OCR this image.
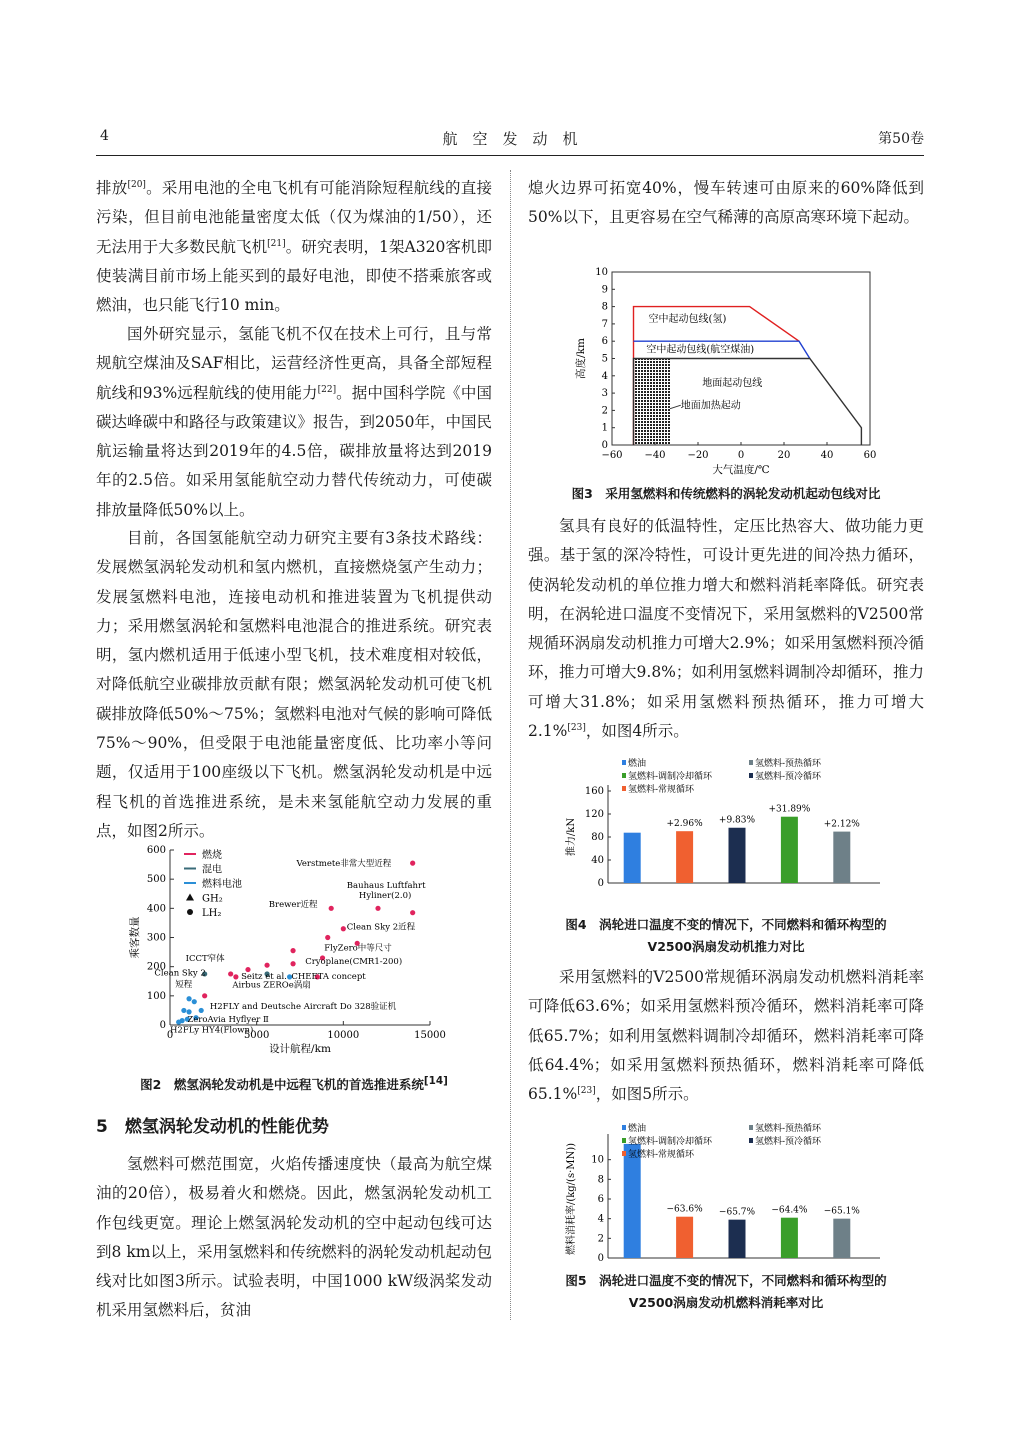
4	航　空　发　动　机	第50卷

排放[20]。采用电池的全电飞机有可能消除短程航线的直接污染，但目前电池能量密度太低（仅为煤油的1/50），还无法用于大多数民航飞机[21]。研究表明，1架A320客机即使装满目前市场上能买到的最好电池，即使不搭乘旅客或燃油，也只能飞行10 min。

国外研究显示，氢能飞机不仅在技术上可行，且与常规航空煤油及SAF相比，运营经济性更高，具备全部短程航线和93%远程航线的使用能力[22]。据中国科学院《中国碳达峰碳中和路径与政策建议》报告，到2050年，中国民航运输量将达到2019年的4.5倍，碳排放量将达到2019年的2.5倍。如采用氢能航空动力替代传统动力，可使碳排放量降低50%以上。

目前，各国氢能航空动力研究主要有3条技术路线：发展燃氢涡轮发动机和氢内燃机，直接燃烧氢产生动力；发展氢燃料电池，连接电动机和推进装置为飞机提供动力；采用燃氢涡轮和氢燃料电池混合的推进系统。研究表明，氢内燃机适用于低速小型飞机，技术难度相对较低，对降低航空业碳排放贡献有限；燃氢涡轮发动机可使飞机碳排放降低50%～75%；氢燃料电池对气候的影响可降低75%～90%，但受限于电池能量密度低、比功率小等问题，仅适用于100座级以下飞机。燃氢涡轮发动机是中远程飞机的首选推进系统，是未来氢能航空动力发展的重点，如图2所示。

0
100
200
300
400
500
600
0	5000	10000	15000
设计航程/km
乘客数量
燃烧
混电
燃料电池
GH₂
LH₂
Verstmete非常大型近程
Bauhaus Luftfahrt
Hyliner(2.0)
Brewer近程
Clean Sky 2近程
FlyZero中等尺寸
ICCT窄体	Cryoplane(CMR1-200)
Clean Sky 2	Seitz et al. CHEETA concept
短程	Airbus ZEROe涡扇
H2FLY and Deutsche Aircraft Do 328验证机
ZeroAvia Hyflyer Ⅱ
H2FLy HY4(Flown)
图2　燃氢涡轮发动机是中远程飞机的首选推进系统[14]
5　燃氢涡轮发动机的性能优势

氢燃料可燃范围宽，火焰传播速度快（最高为航空煤油的20倍），极易着火和燃烧。因此，燃氢涡轮发动机工作包线更宽。理论上燃氢涡轮发动机的空中起动包线可达到8 km以上，采用氢燃料和传统燃料的涡轮发动机起动包线对比如图3所示。试验表明，中国1000 kW级涡桨发动机采用氢燃料后，贫油

熄火边界可拓宽40%，慢车转速可由原来的60%降低到50%以下，且更容易在空气稀薄的高原高寒环境下起动。

0
1
2
3
4
5
6
7
8
9
10
−60 −40 −20	0	20	40	60
大气温度/℃
高度/km
空中起动包线(氢)
空中起动包线(航空煤油)
地面起动包线
地面加热起动
图3　采用氢燃料和传统燃料的涡轮发动机起动包线对比

氢具有良好的低温特性，定压比热容大、做功能力更强。基于氢的深冷特性，可设计更先进的间冷热力循环，使涡轮发动机的单位推力增大和燃料消耗率降低。研究表明，在涡轮进口温度不变情况下，采用氢燃料的V2500常规循环涡扇发动机推力可增大2.9%；如采用氢燃料预冷循环，推力可增大9.8%；如利用氢燃料调制冷却循环，推力可增大31.8%；如采用氢燃料预热循环，推力可增大2.1%[23]，如图4所示。

0
40
80
120
160
推力/kN	+2.96% +9.83%
+31.89%
+2.12%
燃油
氢燃料-调制冷却循环
氢燃料-常规循环
氢燃料-预热循环
氢燃料-预冷循环
图4　涡轮进口温度不变的情况下，不同燃料和循环构型的
V2500涡扇发动机推力对比

采用氢燃料的V2500常规循环涡扇发动机燃料消耗率可降低63.6%；如采用氢燃料预冷循环，燃料消耗率可降低65.7%；如利用氢燃料调制冷却循环，燃料消耗率可降低64.4%；如采用氢燃料预热循环，燃料消耗率可降低65.1%[23]，如图5所示。

0
2
4
6
8
10
燃料消耗率/(kg/(s·MN))	−63.6% −65.7% −64.4% −65.1%
燃油
氢燃料-调制冷却循环
氢燃料-常规循环
氢燃料-预热循环
氢燃料-预冷循环
图5　涡轮进口温度不变的情况下，不同燃料和循环构型的
V2500涡扇发动机燃料消耗率对比
